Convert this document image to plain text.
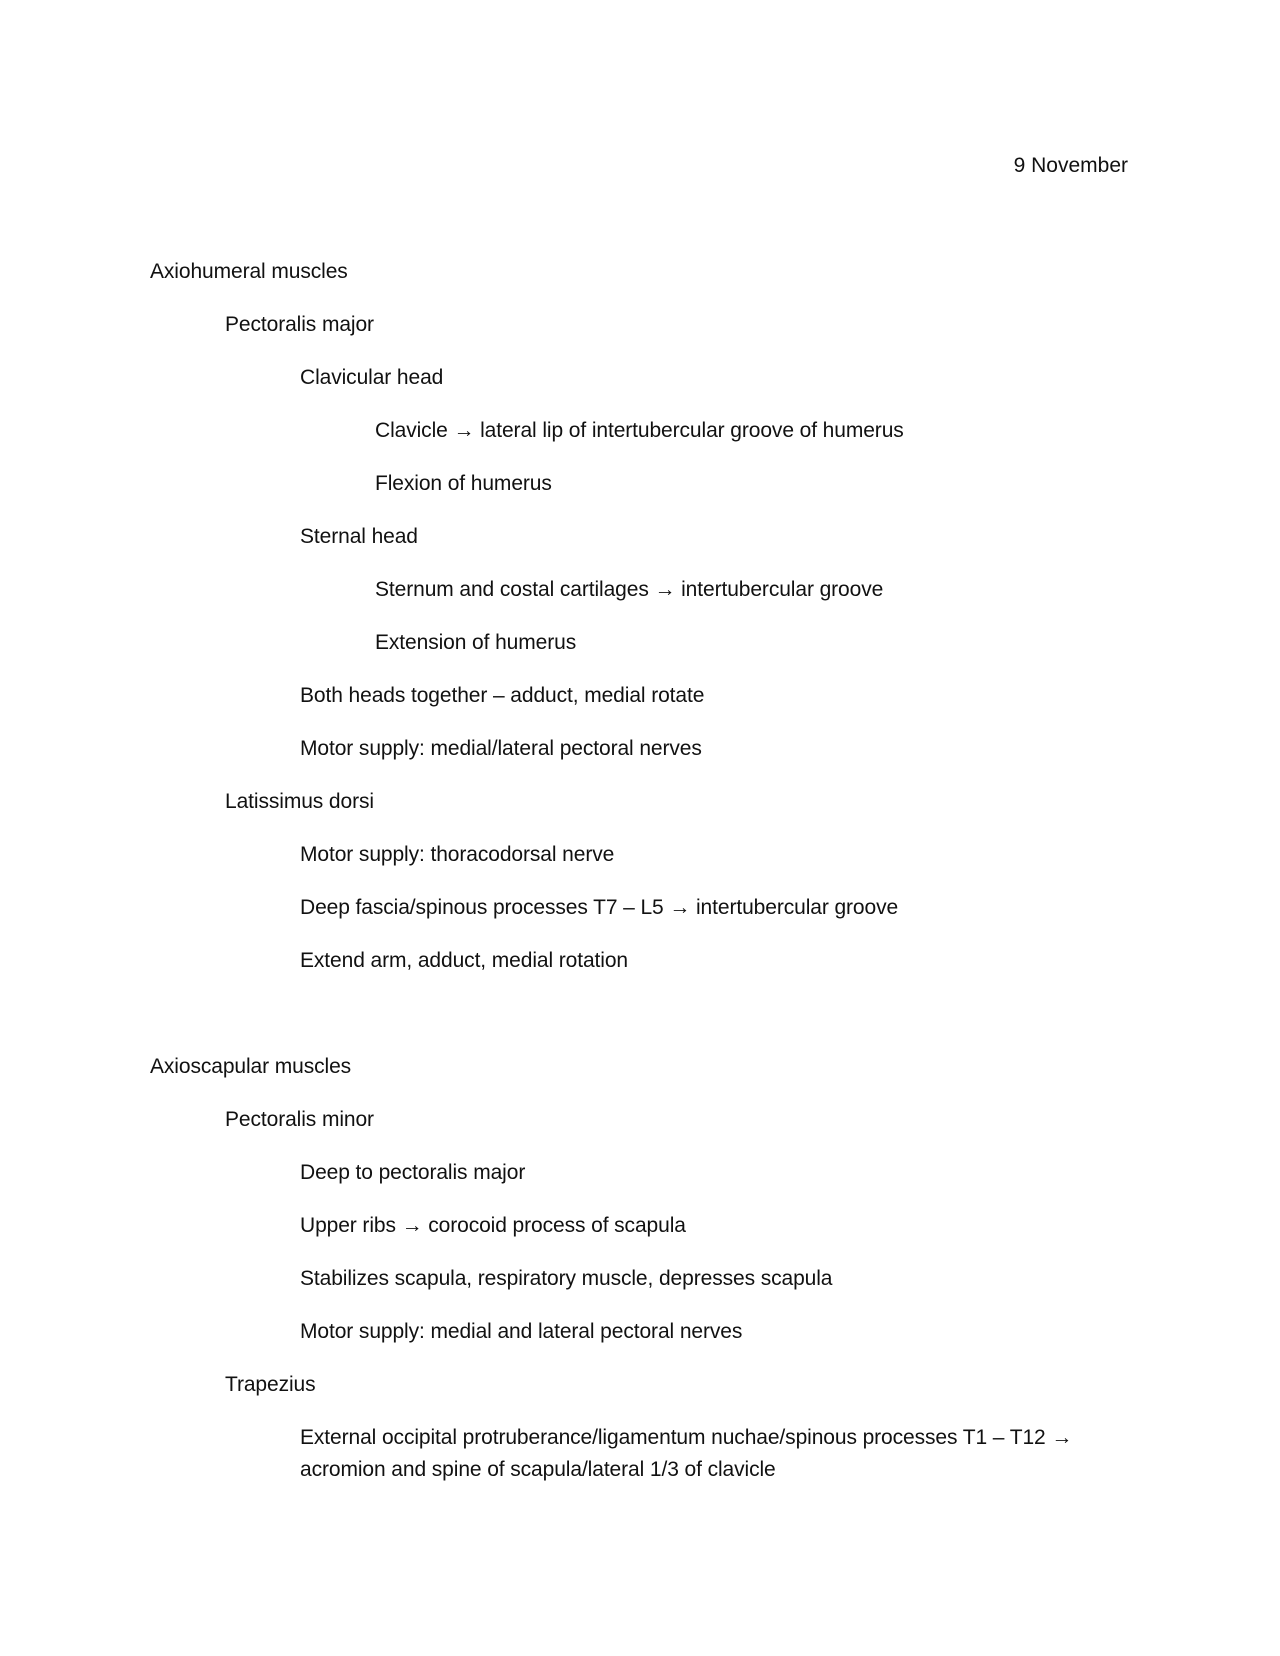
9 November
Axiohumeral muscles
Pectoralis major
Clavicular head
Clavicle → lateral lip of intertubercular groove of humerus
Flexion of humerus
Sternal head
Sternum and costal cartilages → intertubercular groove
Extension of humerus
Both heads together – adduct, medial rotate
Motor supply: medial/lateral pectoral nerves
Latissimus dorsi
Motor supply: thoracodorsal nerve
Deep fascia/spinous processes T7 – L5 → intertubercular groove
Extend arm, adduct, medial rotation
Axioscapular muscles
Pectoralis minor
Deep to pectoralis major
Upper ribs → corocoid process of scapula
Stabilizes scapula, respiratory muscle, depresses scapula
Motor supply: medial and lateral pectoral nerves
Trapezius
External occipital protruberance/ligamentum nuchae/spinous processes T1 – T12 → acromion and spine of scapula/lateral 1/3 of clavicle
